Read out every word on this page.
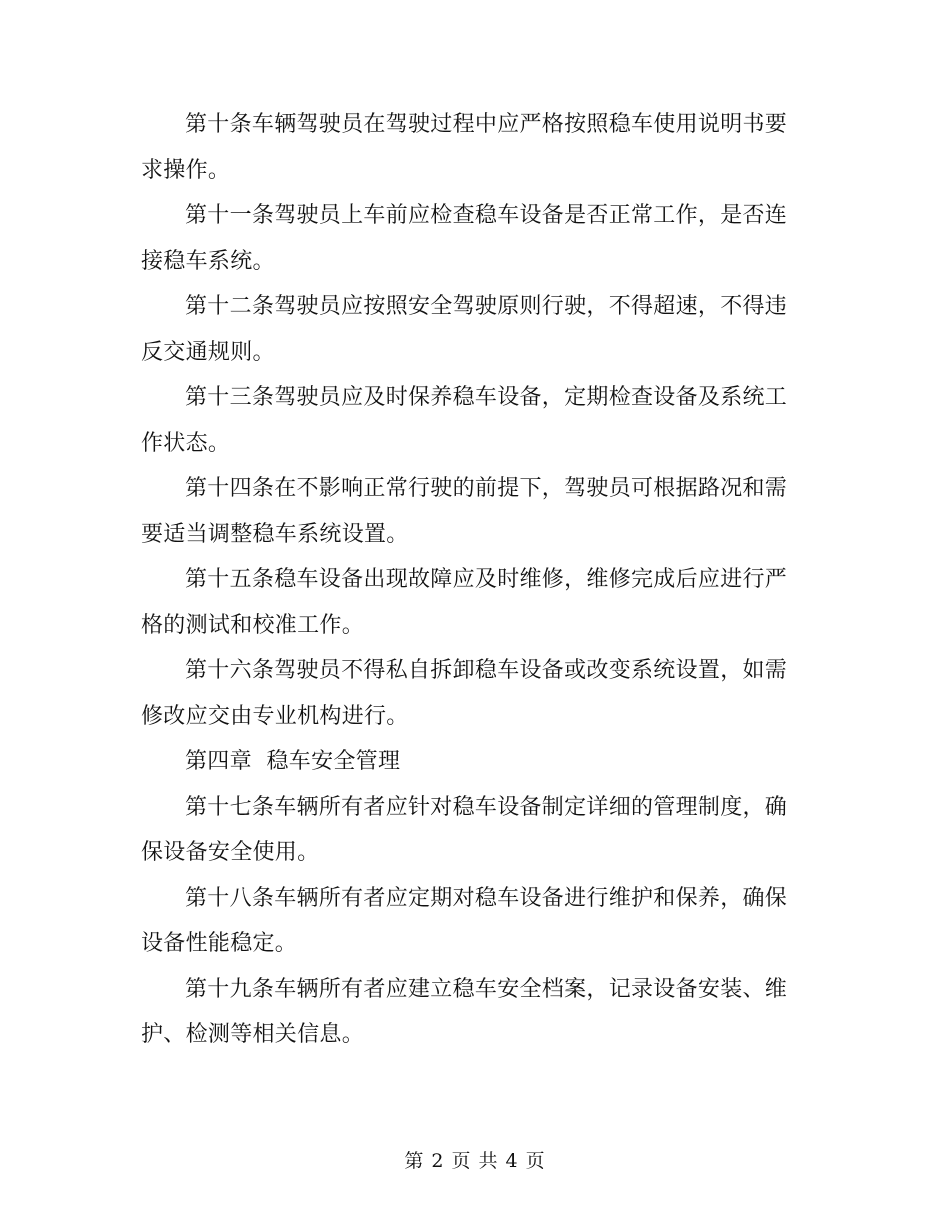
第十条车辆驾驶员在驾驶过程中应严格按照稳车使用说明书要求操作。

第十一条驾驶员上车前应检查稳车设备是否正常工作，是否连接稳车系统。

第十二条驾驶员应按照安全驾驶原则行驶，不得超速，不得违反交通规则。

第十三条驾驶员应及时保养稳车设备，定期检查设备及系统工作状态。

第十四条在不影响正常行驶的前提下，驾驶员可根据路况和需要适当调整稳车系统设置。

第十五条稳车设备出现故障应及时维修，维修完成后应进行严格的测试和校准工作。

第十六条驾驶员不得私自拆卸稳车设备或改变系统设置，如需修改应交由专业机构进行。

第四章  稳车安全管理

第十七条车辆所有者应针对稳车设备制定详细的管理制度，确保设备安全使用。

第十八条车辆所有者应定期对稳车设备进行维护和保养，确保设备性能稳定。

第十九条车辆所有者应建立稳车安全档案，记录设备安装、维护、检测等相关信息。

第 2 页 共 4 页
